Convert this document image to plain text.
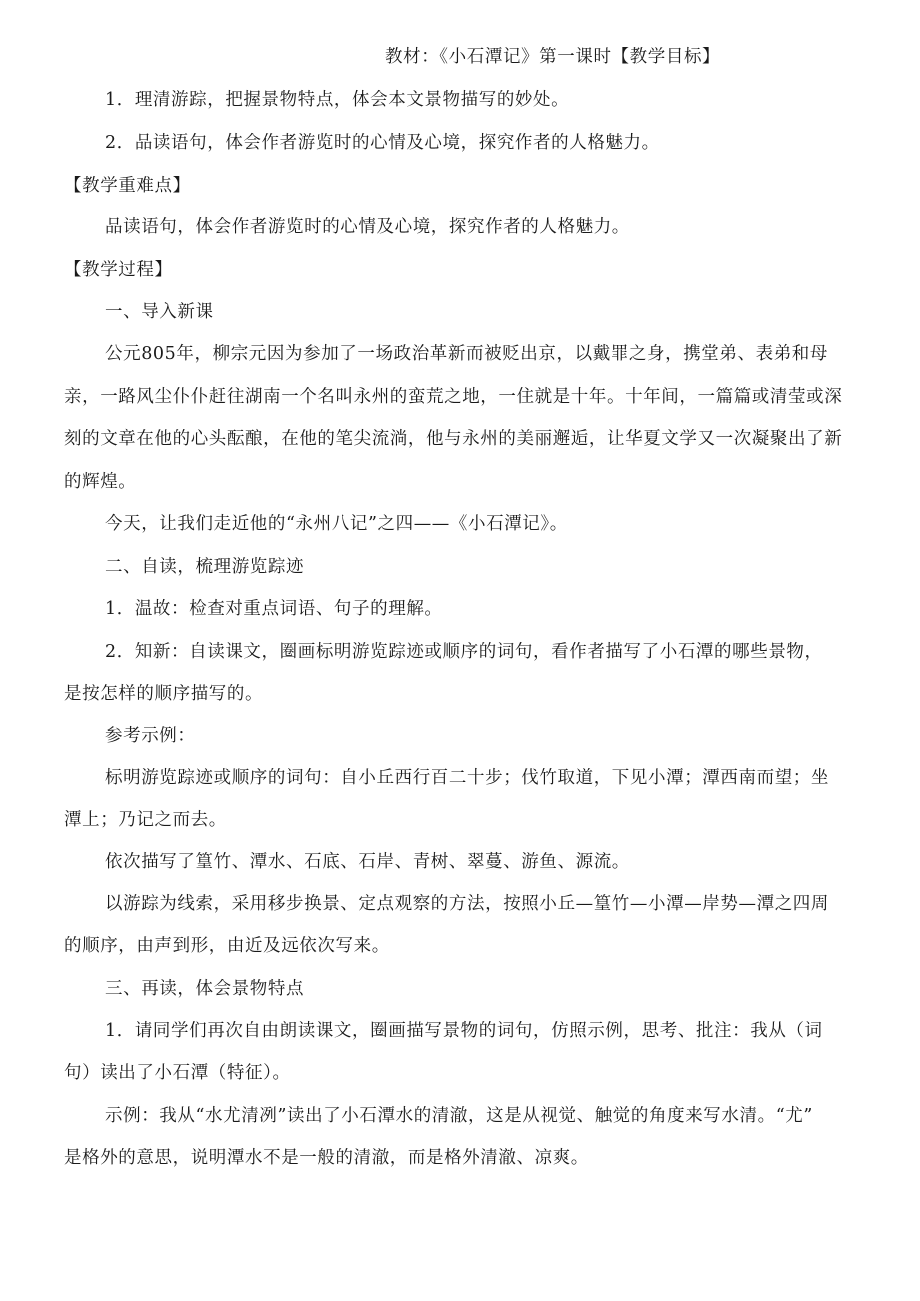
教材：《小石潭记》第一课时【教学目标】
1．理清游踪，把握景物特点，体会本文景物描写的妙处。
2．品读语句，体会作者游览时的心情及心境，探究作者的人格魅力。
【教学重难点】
品读语句，体会作者游览时的心情及心境，探究作者的人格魅力。
【教学过程】
一、导入新课
公元805年，柳宗元因为参加了一场政治革新而被贬出京，以戴罪之身，携堂弟、表弟和母
亲，一路风尘仆仆赶往湖南一个名叫永州的蛮荒之地，一住就是十年。十年间，一篇篇或清莹或深
刻的文章在他的心头酝酿，在他的笔尖流淌，他与永州的美丽邂逅，让华夏文学又一次凝聚出了新
的辉煌。
今天，让我们走近他的“永州八记”之四——《小石潭记》。
二、自读，梳理游览踪迹
1．温故：检查对重点词语、句子的理解。
2．知新：自读课文，圈画标明游览踪迹或顺序的词句，看作者描写了小石潭的哪些景物，
是按怎样的顺序描写的。
参考示例：
标明游览踪迹或顺序的词句：自小丘西行百二十步；伐竹取道，下见小潭；潭西南而望；坐
潭上；乃记之而去。
依次描写了篁竹、潭水、石底、石岸、青树、翠蔓、游鱼、源流。
以游踪为线索，采用移步换景、定点观察的方法，按照小丘—篁竹—小潭—岸势—潭之四周
的顺序，由声到形，由近及远依次写来。
三、再读，体会景物特点
1．请同学们再次自由朗读课文，圈画描写景物的词句，仿照示例，思考、批注：我从（词
句）读出了小石潭（特征）。
示例：我从“水尤清冽”读出了小石潭水的清澈，这是从视觉、触觉的角度来写水清。“尤”
是格外的意思，说明潭水不是一般的清澈，而是格外清澈、凉爽。
